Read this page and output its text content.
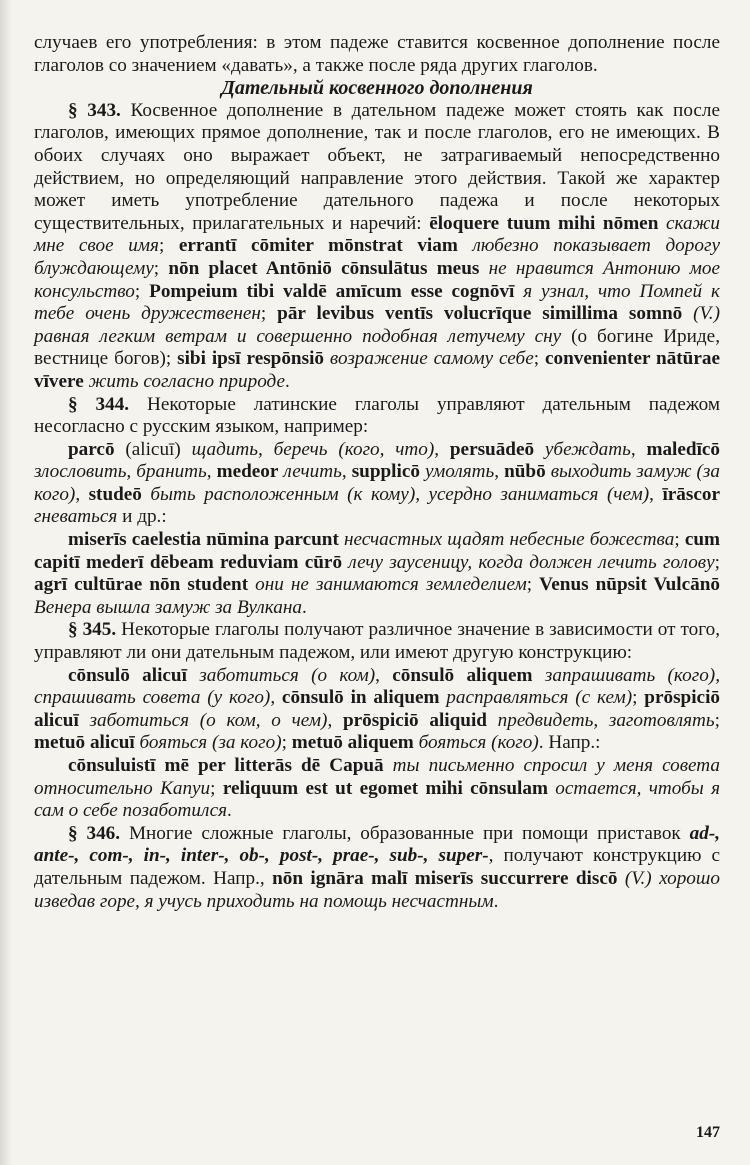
случаев его употребления: в этом падеже ставится косвенное дополнение после глаголов со значением «давать», а также после ряда других глаголов.

Дательный косвенного дополнения

§ 343. Косвенное дополнение в дательном падеже может стоять как после глаголов, имеющих прямое дополнение, так и после глаголов, его не имеющих. В обоих случаях оно выражает объект, не затрагиваемый непосредственно действием, но определяющий направление этого действия. Такой же характер может иметь употребление дательного падежа и после некоторых существительных, прилагательных и наречий: ēloquere tuum mihi nōmen скажи мне свое имя; errantī cōmiter mōnstrat viam любезно показывает дорогу блуждающему; nōn placet Antōniō cōnsulātus meus не нравится Антонию мое консульство; Pompeium tibi valdē amīcum esse cognōvī я узнал, что Помпей к тебе очень дружественен; pār levibus ventīs volucrīque simillima somnō (V.) равная легким ветрам и совершенно подобная летучему сну (о богине Ириде, вестнице богов); sibi ipsī respōnsiō возражение самому себе; convenienter nātūrae vīvere жить согласно природе.

§ 344. Некоторые латинские глаголы управляют дательным падежом несогласно с русским языком, например:

parcō (alicuī) щадить, беречь (кого, что), persuādeō убеждать, maledīcō злословить, бранить, medeor лечить, supplicō умолять, nūbō выходить замуж (за кого), studeō быть расположенным (к кому), усердно заниматься (чем), īrāscor гневаться и др.:

miserīs caelestia nūmina parcunt несчастных щадят небесные божества; cum capitī mederī dēbeam reduviam cūrō лечу заусеницу, когда должен лечить голову; agrī cultūrae nōn student они не занимаются земледелием; Venus nūpsit Vulcānō Венера вышла замуж за Вулкана.

§ 345. Некоторые глаголы получают различное значение в зависимости от того, управляют ли они дательным падежом, или имеют другую конструкцию:

cōnsulō alicuī заботиться (о ком), cōnsulō aliquem запрашивать (кого), спрашивать совета (у кого), cōnsulō in aliquem расправляться (с кем); prōspiciō alicuī заботиться (о ком, о чем), prōspiciō aliquid предвидеть, заготовлять; metuō alicuī бояться (за кого); metuō aliquem бояться (кого). Напр.:

cōnsuluistī mē per litterās dē Capuā ты письменно спросил у меня совета относительно Капуи; reliquum est ut egomet mihi cōnsulam остается, чтобы я сам о себе позаботился.

§ 346. Многие сложные глаголы, образованные при помощи приставок ad-, ante-, com-, in-, inter-, ob-, post-, prae-, sub-, super-, получают конструкцию с дательным падежом. Напр., nōn ignāra malī miserīs succurrere discō (V.) хорошо изведав горе, я учусь приходить на помощь несчастным.

147
